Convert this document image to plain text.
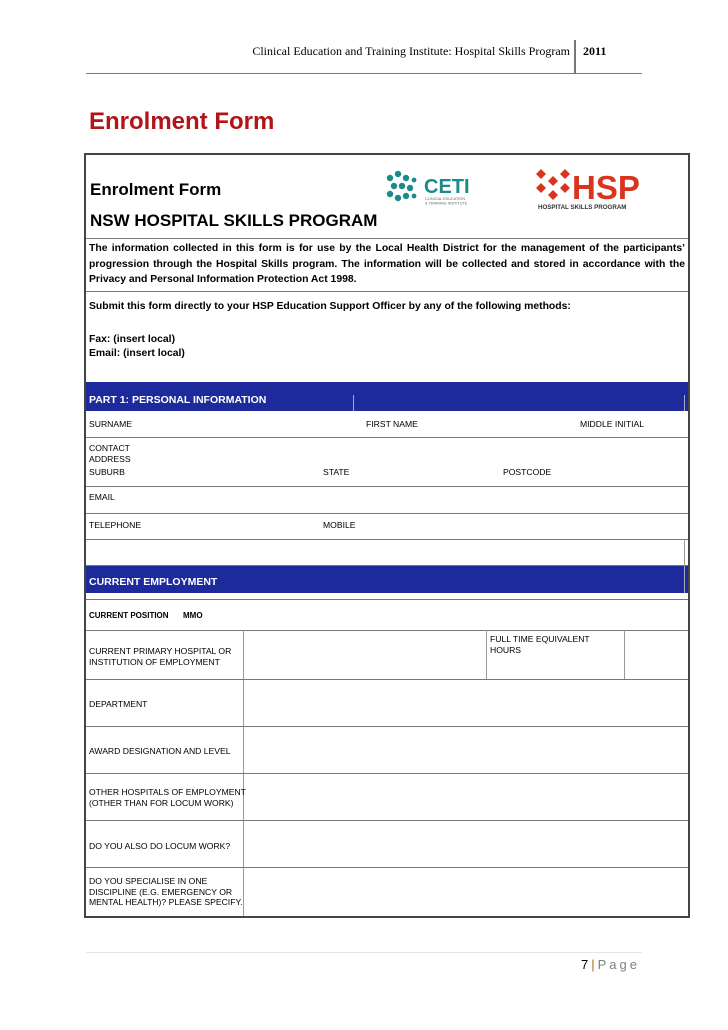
Clinical Education and Training Institute: Hospital Skills Program 2011
Enrolment Form
CETI
CLINICAL EDUCATION
& TRAINING INSTITUTE	HSP
HOSPITAL SKILLS PROGRAM
Enrolment Form
NSW HOSPITAL SKILLS PROGRAM
The information collected in this form is for use by the Local Health District for the management of the participants’ progression through the Hospital Skills program. The information will be collected and stored in accordance with the Privacy and Personal Information Protection Act 1998.
Submit this form directly to your HSP Education Support Officer by any of the following methods:
Fax: (insert local)
Email: (insert local)
PART 1: PERSONAL INFORMATION
SURNAME	FIRST NAME	MIDDLE INITIAL
CONTACT
ADDRESS
SUBURB	STATE	POSTCODE
EMAIL
TELEPHONE	MOBILE
CURRENT EMPLOYMENT
CURRENT POSITION MMO
CURRENT PRIMARY HOSPITAL OR
INSTITUTION OF EMPLOYMENT
FULL TIME EQUIVALENT
HOURS
DEPARTMENT
AWARD DESIGNATION AND LEVEL
OTHER HOSPITALS OF EMPLOYMENT
(OTHER THAN FOR LOCUM WORK)
DO YOU ALSO DO LOCUM WORK?
DO YOU SPECIALISE IN ONE
DISCIPLINE (E.G. EMERGENCY OR
MENTAL HEALTH)? PLEASE SPECIFY.
7 | Page
